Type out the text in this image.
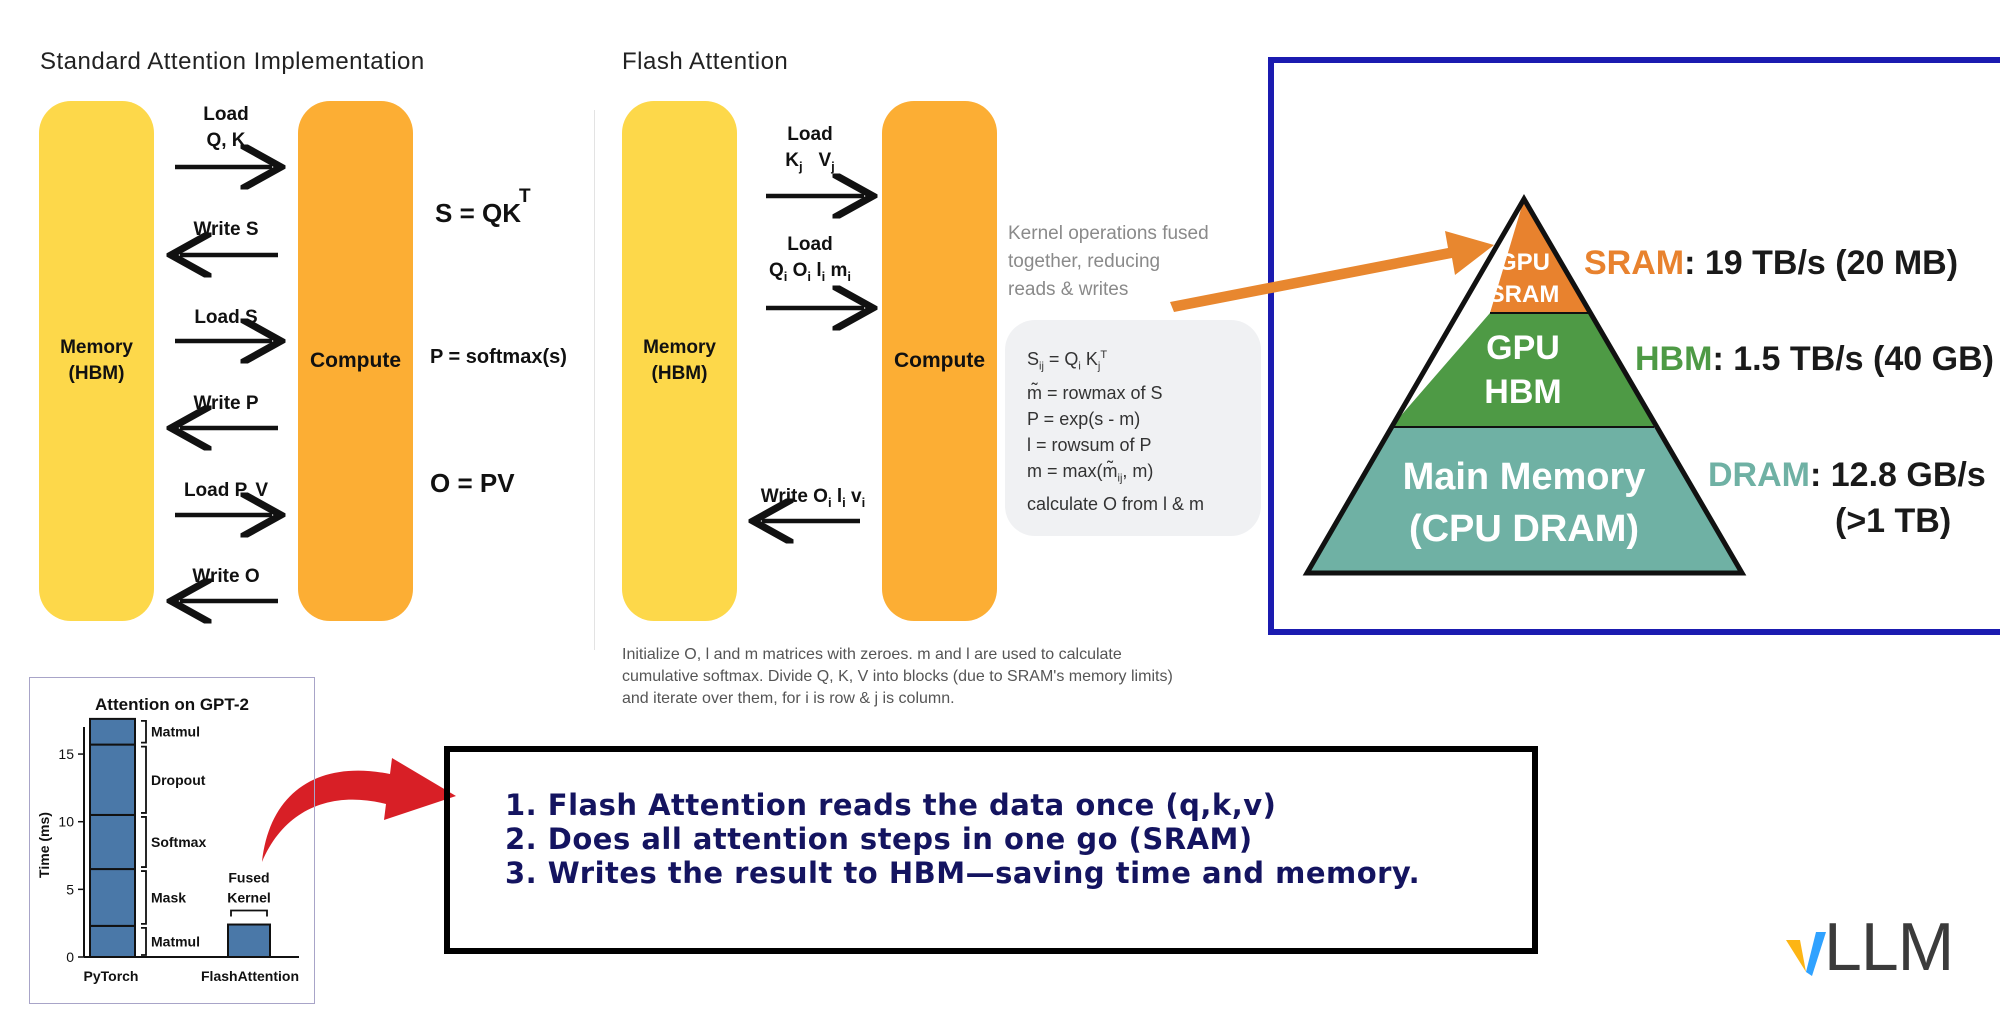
Standard Attention Implementation
Memory
(HBM)
Compute
Load
Q, K
Write S
Load S
Write P
Load P, V
Write O
$S = QK^T$
P = softmax(s)
O = PV
Flash Attention
Memory
(HBM)
Compute
Load
$K_j$   $V_j$
Load
$Q_i$ $O_i$ $l_i$ $m_i$
Write $O_i$ $l_i$ $v_i$
Kernel operations fused
together, reducing
reads & writes
$S_{ij} = Q_i$ $K_j^T$
m̃ = rowmax of S
P = exp(s - m)
l = rowsum of P
$m = \max(m̃_{ij}$, m)
calculate O from l & m
Initialize O, l and m matrices with zeroes. m and l are used to calculate
cumulative softmax. Divide Q, K, V into blocks (due to SRAM's memory limits)
and iterate over them, for i is row & j is column.
GPU
SRAM
GPU
HBM
Main Memory
(CPU DRAM)
SRAM: 19 TB/s (20 MB)
HBM: 1.5 TB/s (40 GB)
DRAM: 12.8 GB/s
(>1 TB)
Attention on GPT-2
Time (ms)
0
5
10
15
Matmul
Mask
Softmax
Dropout
Matmul
PyTorch	FlashAttention
Fused
Kernel
1. Flash Attention reads the data once (q,k,v)
2. Does all attention steps in one go (SRAM)
3. Writes the result to HBM—saving time and memory.
LLM
